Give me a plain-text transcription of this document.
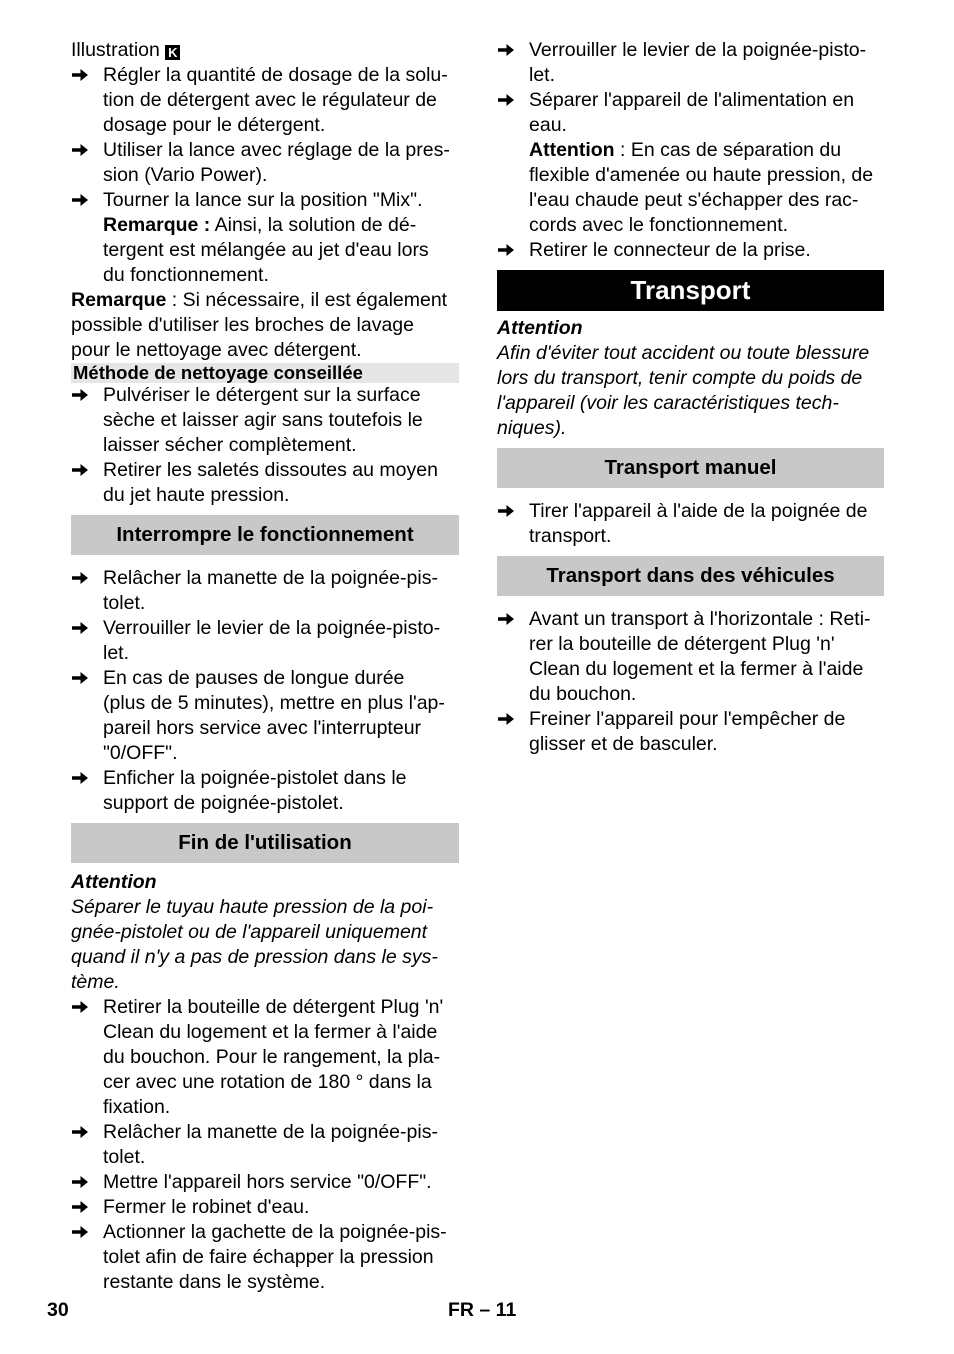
Illustration K

Régler la quantité de dosage de la solu-
tion de détergent avec le régulateur de
dosage pour le détergent.

Utiliser la lance avec réglage de la pres-
sion (Vario Power).

Tourner la lance sur la position "Mix".

Remarque : Ainsi, la solution de dé-
tergent est mélangée au jet d'eau lors
du fonctionnement.

Remarque : Si nécessaire, il est également
possible d'utiliser les broches de lavage
pour le nettoyage avec détergent.

Méthode de nettoyage conseillée

Pulvériser le détergent sur la surface
sèche et laisser agir sans toutefois le
laisser sécher complètement.

Retirer les saletés dissoutes au moyen
du jet haute pression.

Interrompre le fonctionnement

Relâcher la manette de la poignée-pis-
tolet.

Verrouiller le levier de la poignée-pisto-
let.

En cas de pauses de longue durée
(plus de 5 minutes), mettre en plus l'ap-
pareil hors service avec l'interrupteur
"0/OFF".

Enficher la poignée-pistolet dans le
support de poignée-pistolet.

Fin de l'utilisation

Attention

Séparer le tuyau haute pression de la poi-
gnée-pistolet ou de l'appareil uniquement
quand il n'y a pas de pression dans le sys-
tème.

Retirer la bouteille de détergent Plug 'n'
Clean du logement et la fermer à l'aide
du bouchon. Pour le rangement, la pla-
cer avec une rotation de 180 ° dans la
fixation.

Relâcher la manette de la poignée-pis-
tolet.

Mettre l'appareil hors service "0/OFF".

Fermer le robinet d'eau.

Actionner la gachette de la poignée-pis-
tolet afin de faire échapper la pression
restante dans le système.

Verrouiller le levier de la poignée-pisto-
let.

Séparer l'appareil de l'alimentation en
eau.

Attention : En cas de séparation du
flexible d'amenée ou haute pression, de
l'eau chaude peut s'échapper des rac-
cords avec le fonctionnement.

Retirer le connecteur de la prise.

Transport

Attention

Afin d'éviter tout accident ou toute blessure
lors du transport, tenir compte du poids de
l'appareil (voir les caractéristiques tech-
niques).

Transport manuel

Tirer l'appareil à l'aide de la poignée de
transport.

Transport dans des véhicules

Avant un transport à l'horizontale : Reti-
rer la bouteille de détergent Plug 'n'
Clean du logement et la fermer à l'aide
du bouchon.

Freiner l'appareil pour l'empêcher de
glisser et de basculer.

30	FR – 11
